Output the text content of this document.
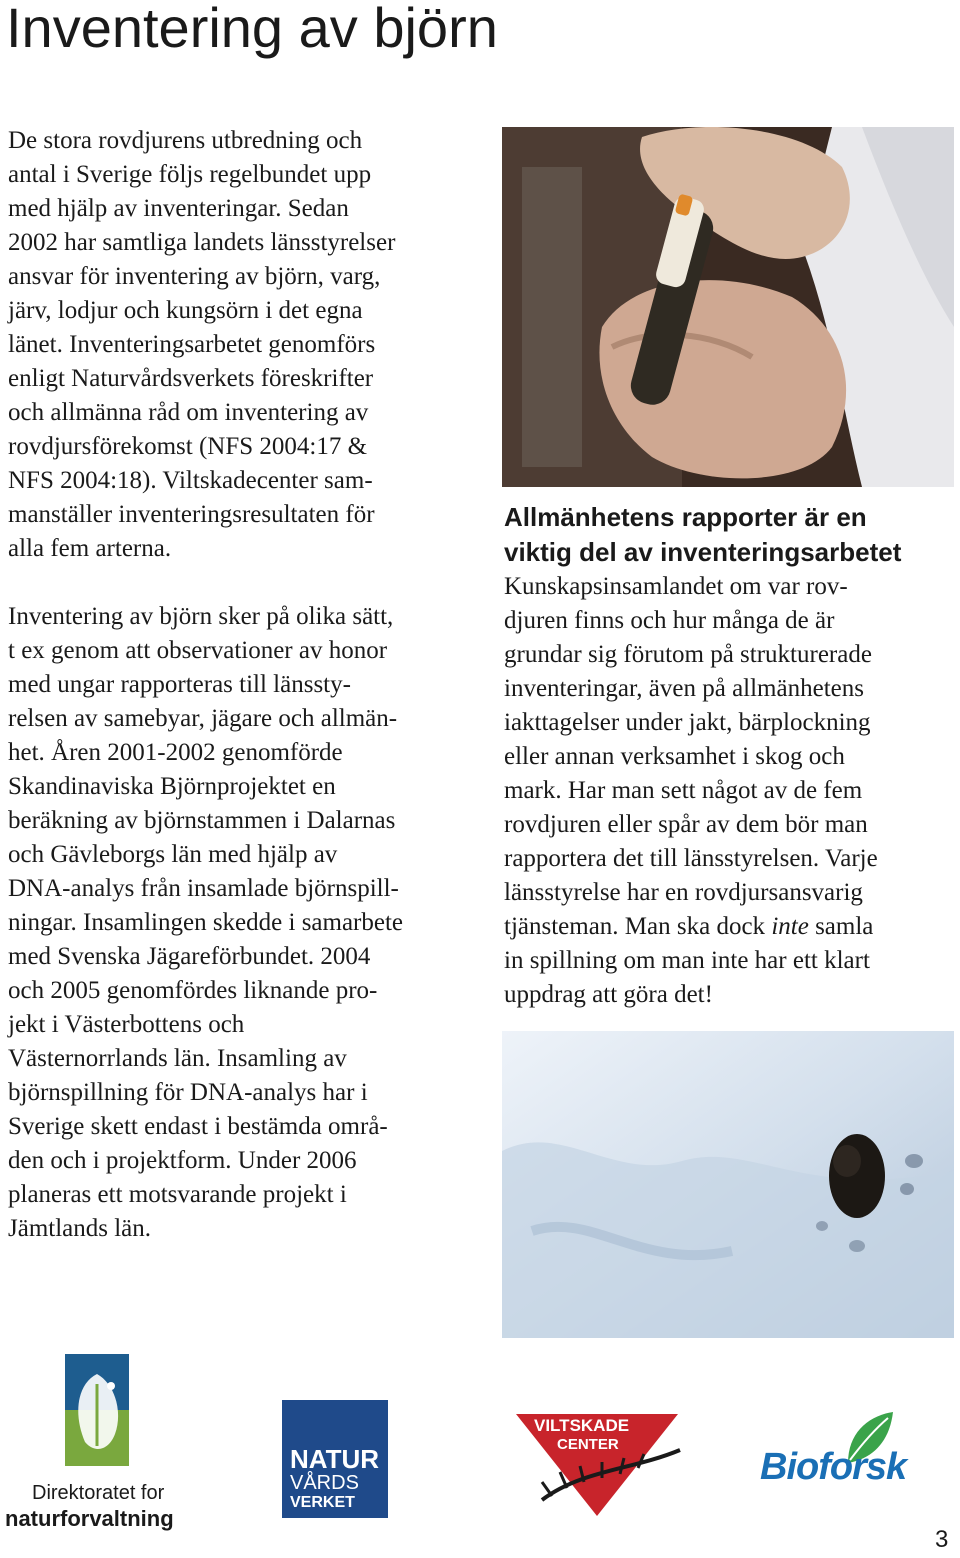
Inventering av björn

De stora rovdjurens utbredning och
antal i Sverige följs regelbundet upp
med hjälp av inventeringar. Sedan
2002 har samtliga landets länsstyrelser
ansvar för inventering av björn, varg,
järv, lodjur och kungsörn i det egna
länet. Inventeringsarbetet genomförs
enligt Naturvårdsverkets föreskrifter
och allmänna råd om inventering av
rovdjursförekomst (NFS 2004:17 &
NFS 2004:18). Viltskadecenter sam-
manställer inventeringsresultaten för
alla fem arterna.

Inventering av björn sker på olika sätt,
t ex genom att observationer av honor
med ungar rapporteras till länssty-
relsen av samebyar, jägare och allmän-
het. Åren 2001-2002 genomförde
Skandinaviska Björnprojektet en
beräkning av björnstammen i Dalarnas
och Gävleborgs län med hjälp av
DNA-analys från insamlade björnspill-
ningar. Insamlingen skedde i samarbete
med Svenska Jägareförbundet. 2004
och 2005 genomfördes liknande pro-
jekt i Västerbottens och
Västernorrlands län. Insamling av
björnspillning för DNA-analys har i
Sverige skett endast i bestämda områ-
den och i projektform. Under 2006
planeras ett motsvarande projekt i
Jämtlands län.

Allmänhetens rapporter är en
viktig del av inventeringsarbetet

Kunskapsinsamlandet om var rov-
djuren finns och hur många de är
grundar sig förutom på strukturerade
inventeringar, även på allmänhetens
iakttagelser under jakt, bärplockning
eller annan verksamhet i skog och
mark. Har man sett något av de fem
rovdjuren eller spår av dem bör man
rapportera det till länsstyrelsen. Varje
länsstyrelse har en rovdjursansvarig
tjänsteman. Man ska dock inte samla
in spillning om man inte har ett klart
uppdrag att göra det!

Direktoratet for
naturforvaltning
NATUR
VÅRDS
VERKET
VILTSKADE
CENTER
Bioforsk
3
